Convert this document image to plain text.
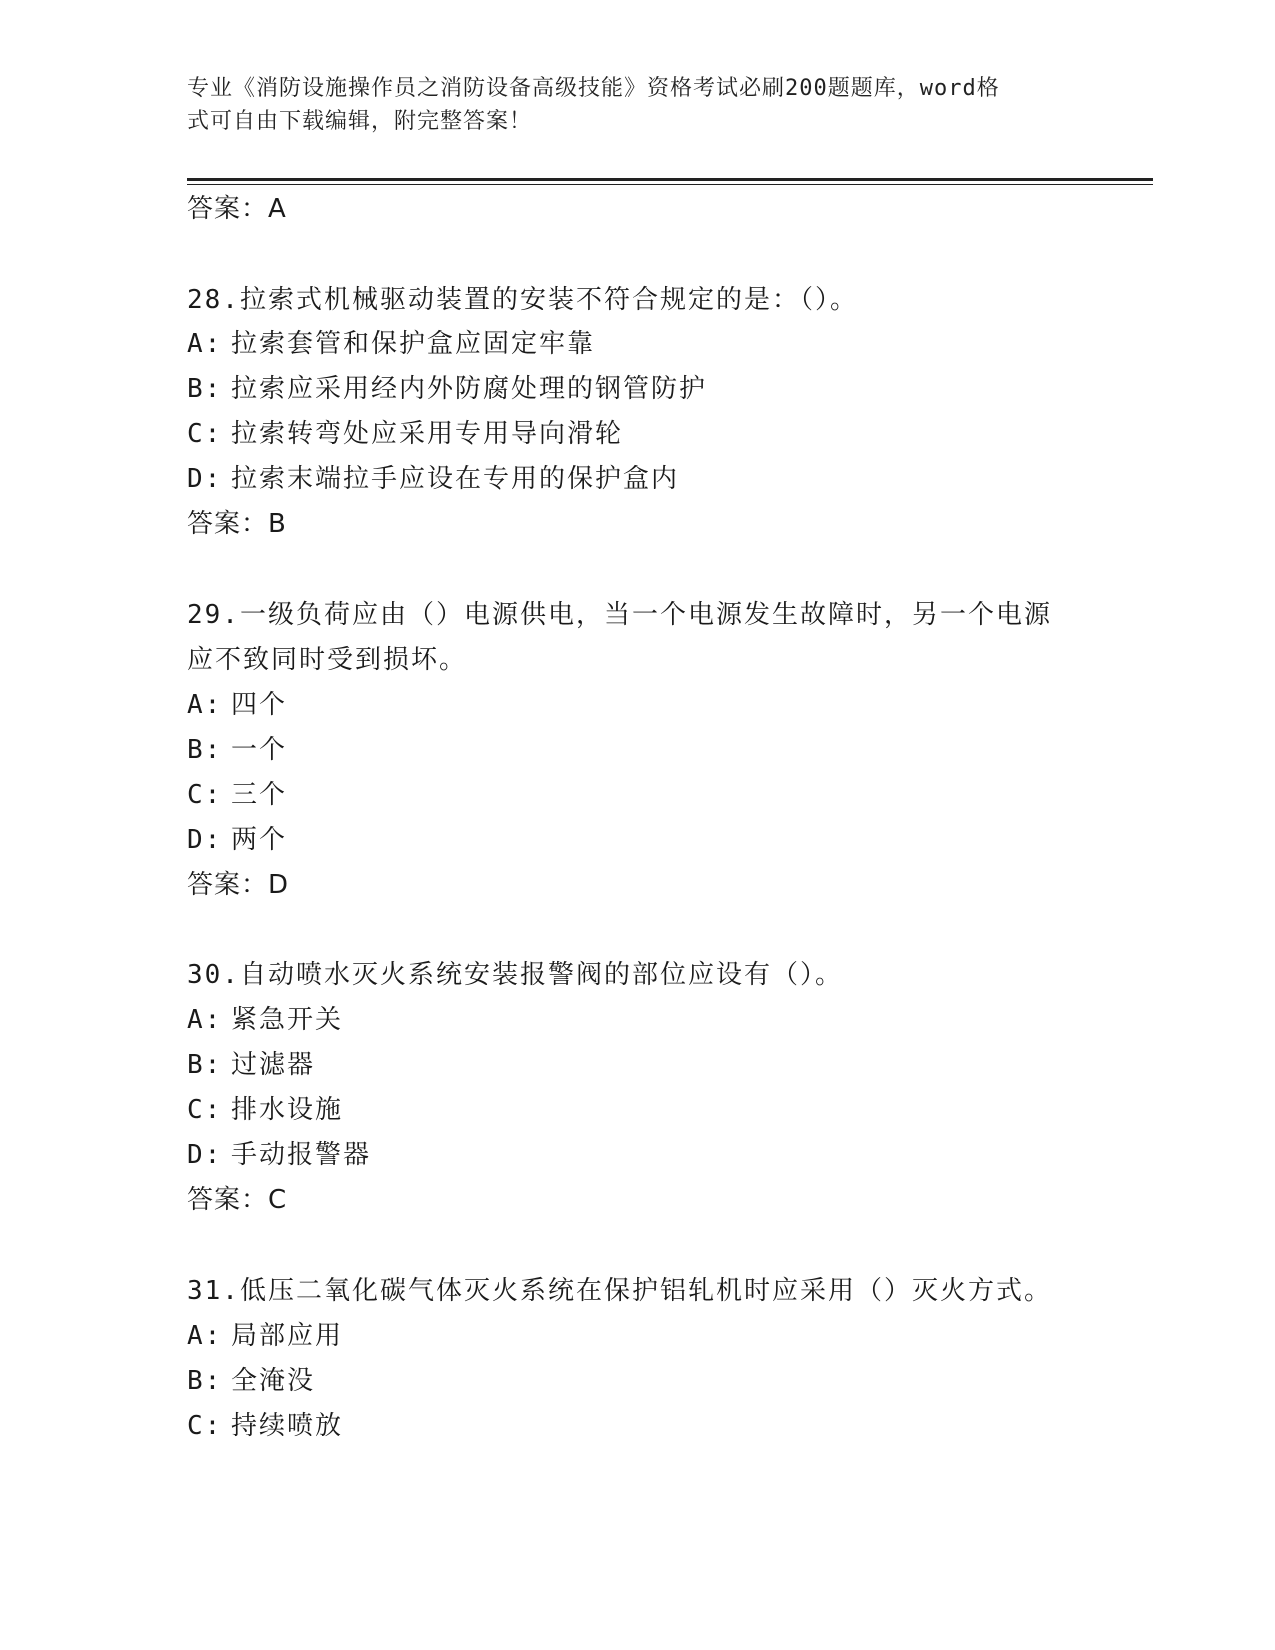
专业《消防设施操作员之消防设备高级技能》资格考试必刷200题题库，word格
式可自由下载编辑，附完整答案！
答案：A
28.拉索式机械驱动装置的安装不符合规定的是：（）。
A: 拉索套管和保护盒应固定牢靠
B: 拉索应采用经内外防腐处理的钢管防护
C: 拉索转弯处应采用专用导向滑轮
D: 拉索末端拉手应设在专用的保护盒内
答案：B
29.一级负荷应由（）电源供电，当一个电源发生故障时，另一个电源
应不致同时受到损坏。
A: 四个
B: 一个
C: 三个
D: 两个
答案：D
30.自动喷水灭火系统安装报警阀的部位应设有（）。
A: 紧急开关
B: 过滤器
C: 排水设施
D: 手动报警器
答案：C
31.低压二氧化碳气体灭火系统在保护铝轧机时应采用（）灭火方式。
A: 局部应用
B: 全淹没
C: 持续喷放
